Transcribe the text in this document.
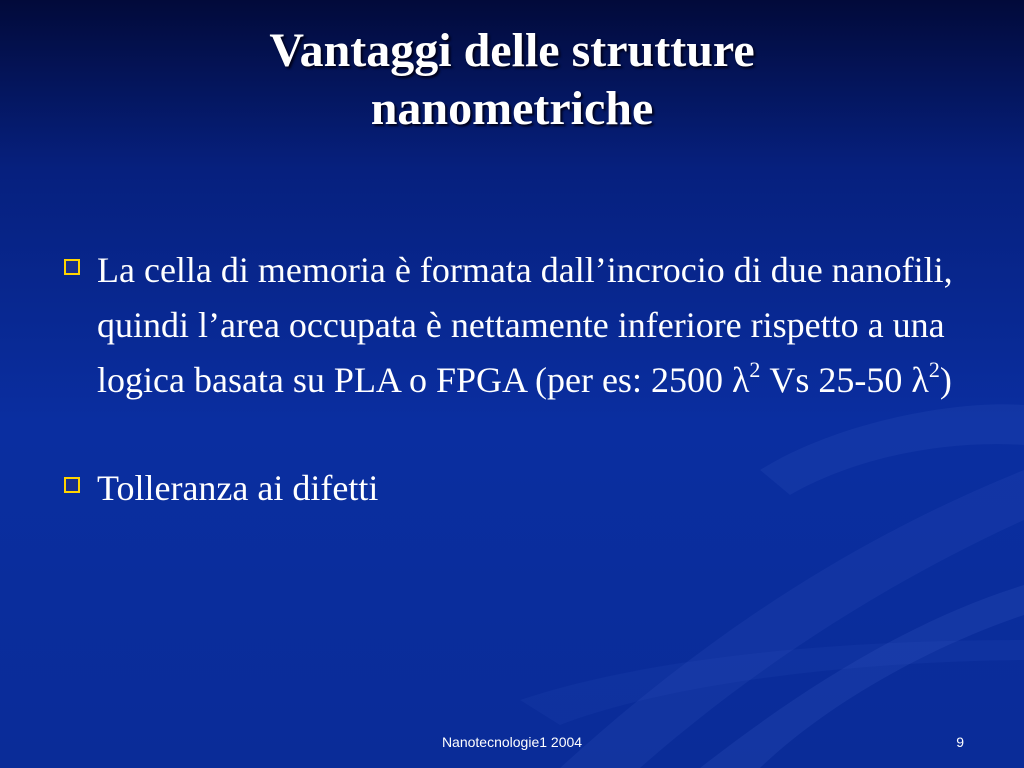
Vantaggi delle strutture
nanometriche
La cella di memoria è formata dall’incrocio di due nanofili, quindi l’area occupata è nettamente inferiore rispetto a una logica basata su PLA o FPGA (per es: 2500 $\lambda^2$ Vs 25-50 $\lambda^2$)
Tolleranza ai difetti
Nanotecnologie1 2004	9
